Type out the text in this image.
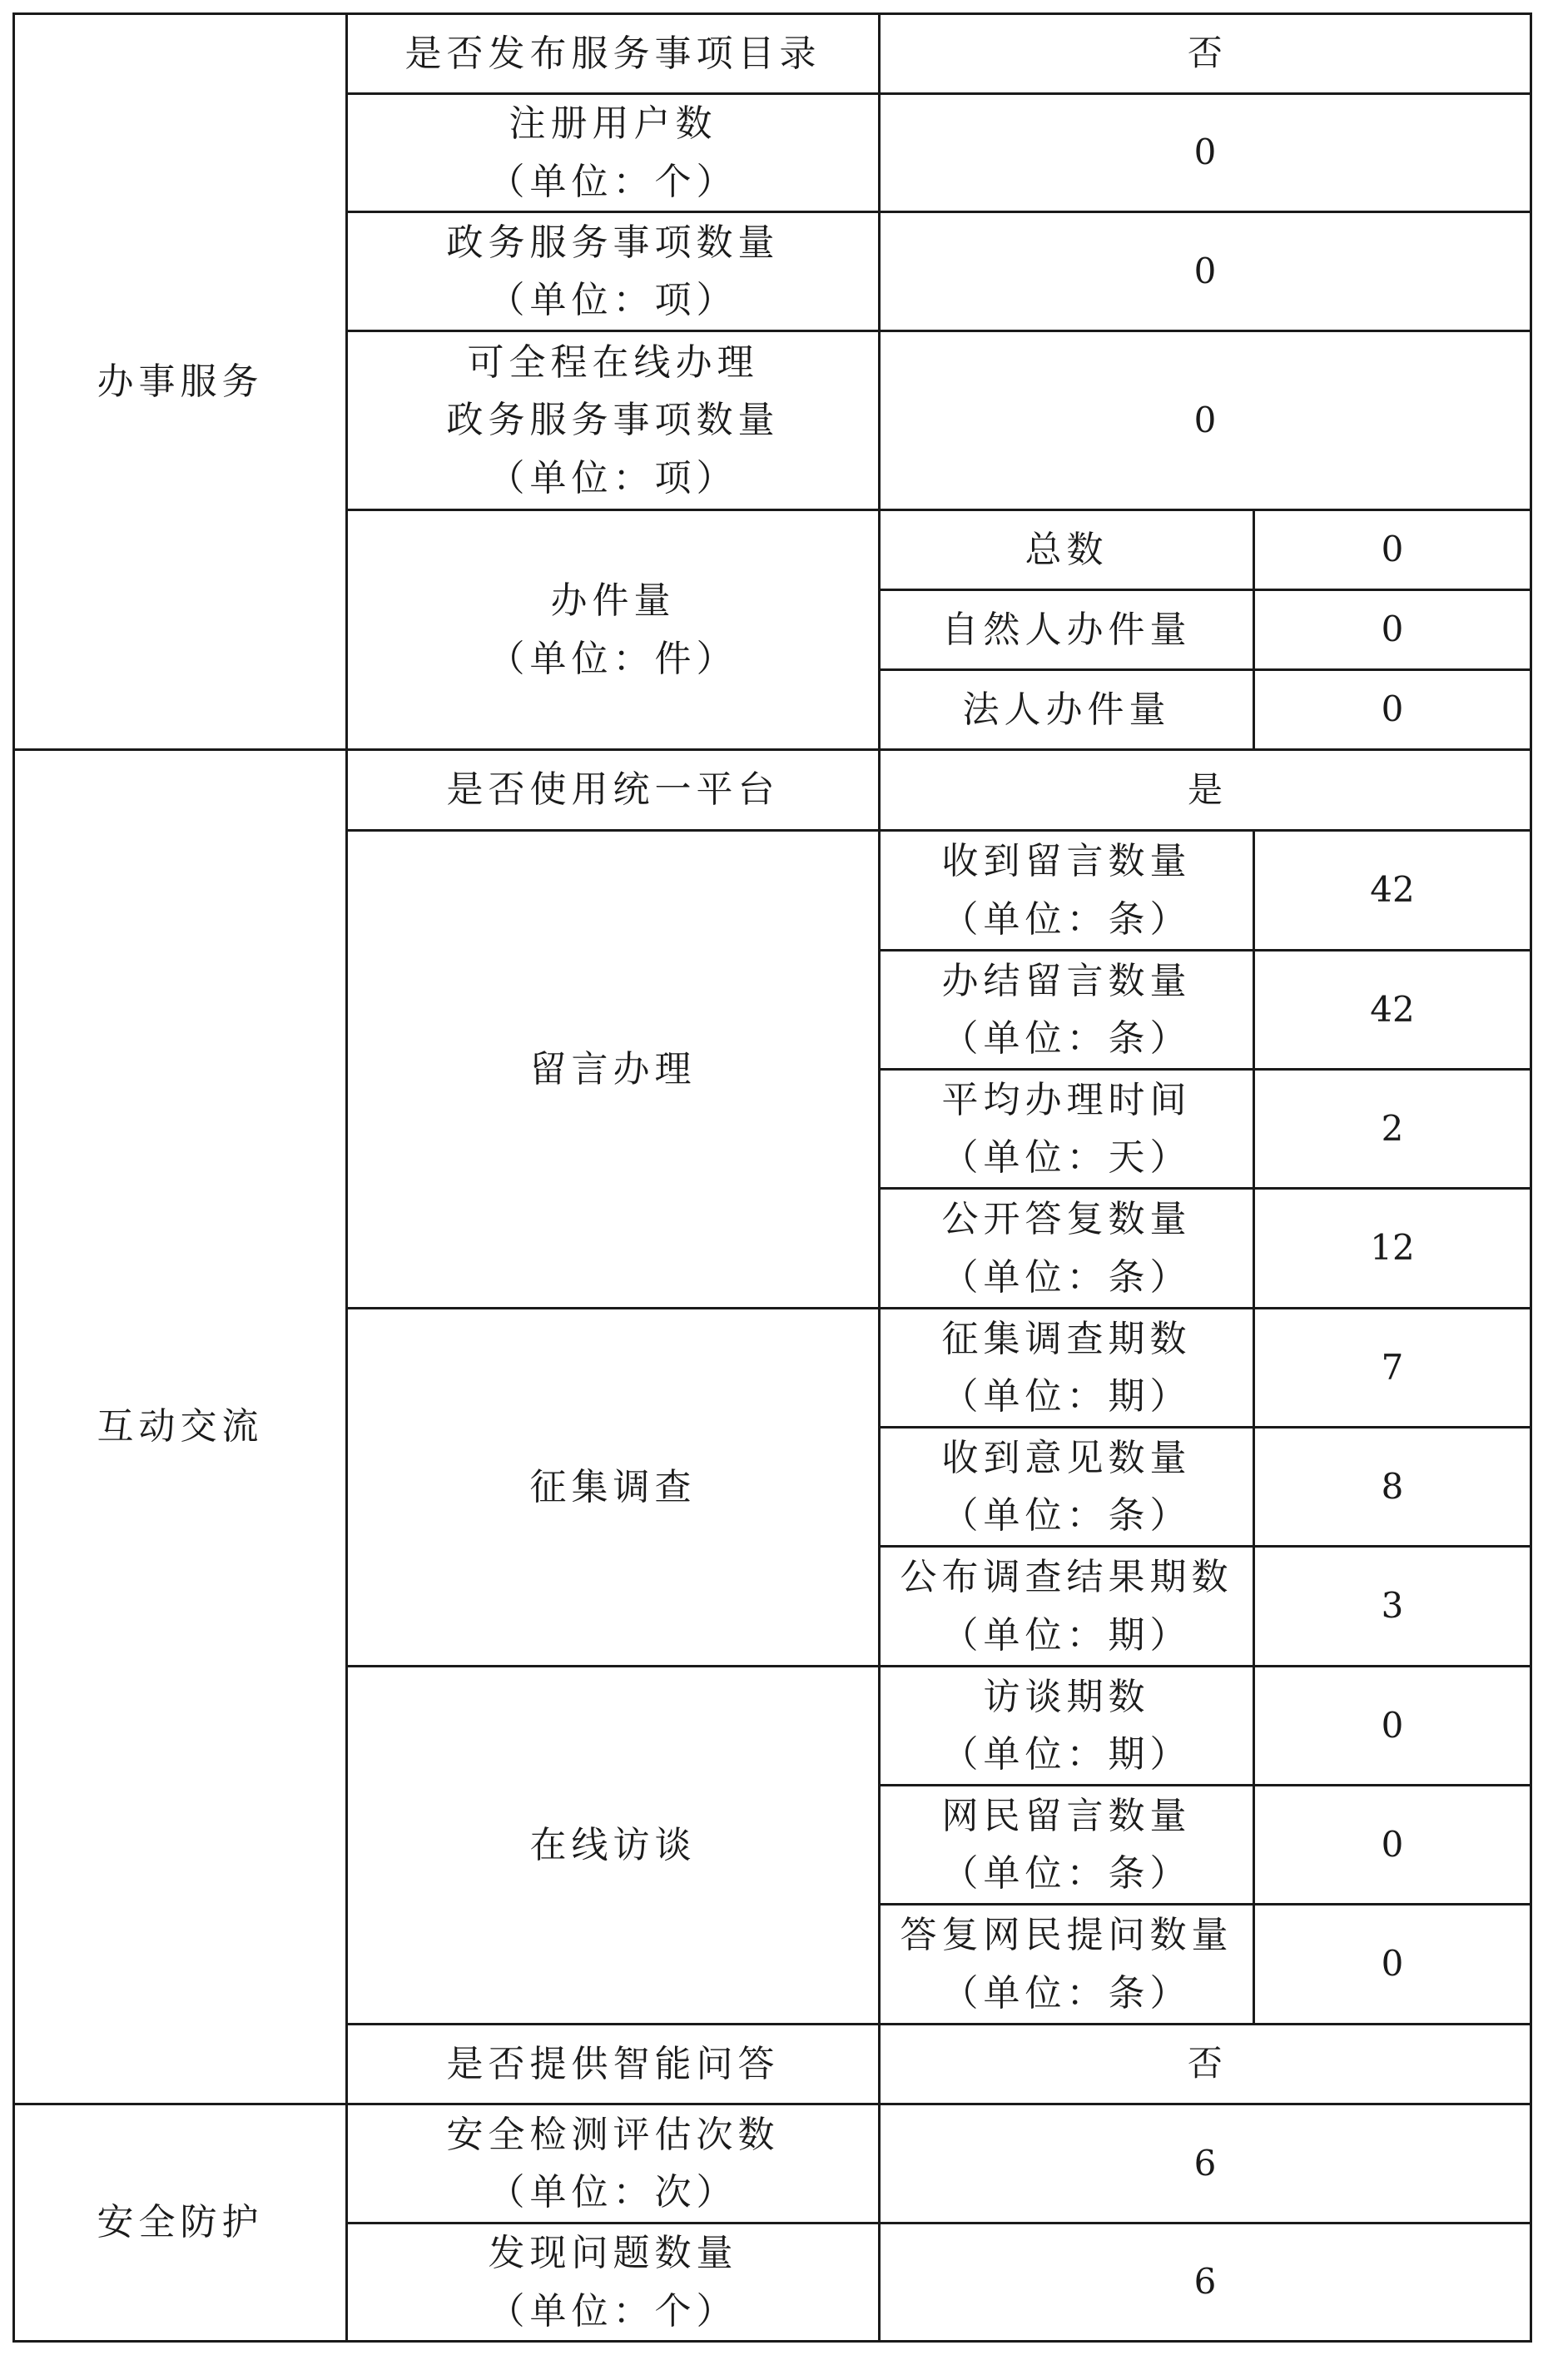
办事服务	是否发布服务事项目录	否	

	注册用户数
（单位：个）	0	

	政务服务事项数量
（单位：项）	0	

	可全程在线办理
政务服务事项数量
（单位：项）	0	

	办件量
（单位：件）	总数	0
		自然人办件量	0
		法人办件量	0
互动交流	是否使用统一平台	是	
	留言办理	收到留言数量
（单位：条）	42

		办结留言数量
（单位：条）	42

		平均办理时间
（单位：天）	2

		公开答复数量
（单位：条）	12
	征集调查	征集调查期数
（单位：期）	7

		收到意见数量
（单位：条）	8

		公布调查结果期数
（单位：期）	3
	在线访谈	访谈期数
（单位：期）	0

		网民留言数量
（单位：条）	0

		答复网民提问数量
（单位：条）	0
	是否提供智能问答	否	
安全防护	安全检测评估次数
（单位：次）	6	

	发现问题数量
（单位：个）	6	
